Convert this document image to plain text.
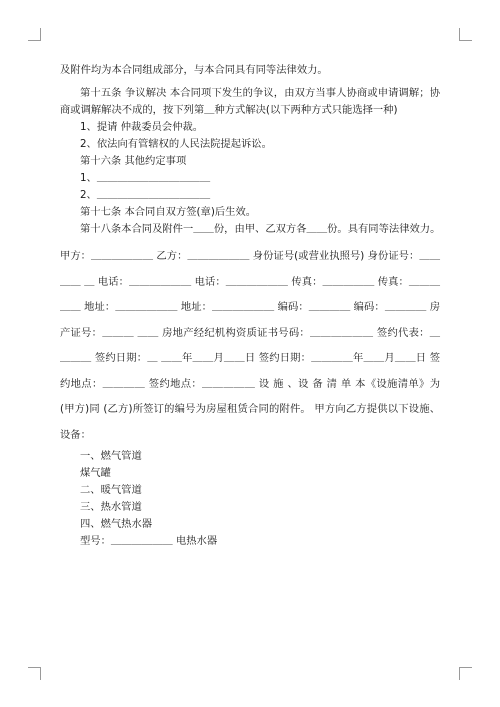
及附件均为本合同组成部分，与本合同具有同等法律效力。

第十五条 争议解决 本合同项下发生的争议，由双方当事人协商或申请调解；协商或调解解决不成的，按下列第＿种方式解决(以下两种方式只能选择一种)

1、提请 仲裁委员会仲裁。

2、依法向有管辖权的人民法院提起诉讼。

第十六条 其他约定事项

1、＿＿＿＿＿＿＿＿＿＿＿

2、＿＿＿＿＿＿＿＿＿＿＿

第十七条 本合同自双方签(章)后生效。

第十八条本合同及附件一＿＿份，由甲、乙双方各＿＿份。具有同等法律效力。

甲方：＿＿＿＿＿＿ 乙方：＿＿＿＿＿＿ 身份证号(或营业执照号) 身份证号：＿＿＿＿ ＿ 电话：＿＿＿＿＿＿ 电话：＿＿＿＿＿＿ 传真：＿＿＿＿＿ 传真：＿＿＿＿＿ 地址：＿＿＿＿＿＿ 地址：＿＿＿＿＿＿ 编码：＿＿＿＿ 编码：＿＿＿＿ 房产证号：＿＿＿ ＿＿ 房地产经纪机构资质证书号码：＿＿＿＿＿＿ 签约代表：＿＿＿＿ 签约日期：＿ ＿＿年＿＿月＿＿日 签约日期：＿＿＿＿年＿＿月＿＿日 签约地点：＿＿＿＿ 签约地点：＿＿＿＿＿ 设 施 、设 备 清 单 本《设施清单》为 (甲方)同 (乙方)所签订的编号为房屋租赁合同的附件。 甲方向乙方提供以下设施、设备：

一、燃气管道

煤气罐

二、暖气管道

三、热水管道

四、燃气热水器

型号：＿＿＿＿＿＿ 电热水器
